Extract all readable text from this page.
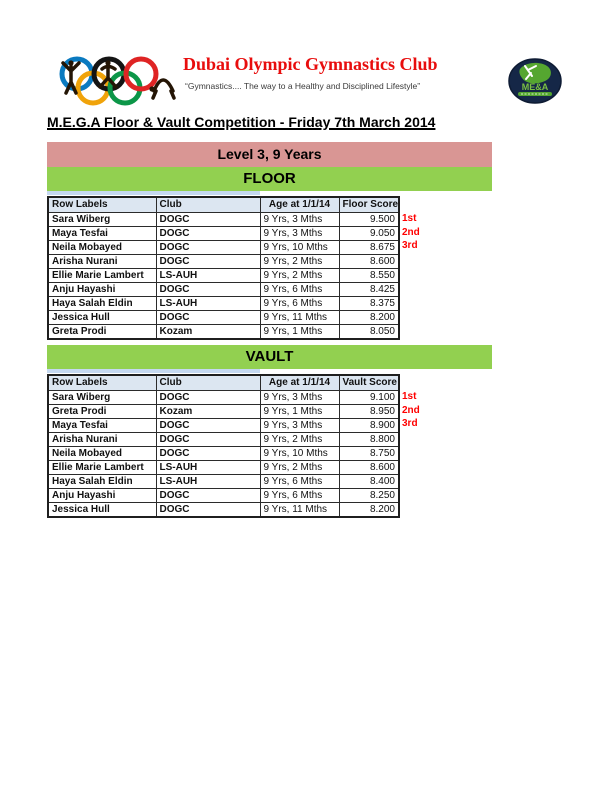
Dubai Olympic Gymnastics Club
“Gymnastics.... The way to a Healthy and Disciplined Lifestyle”	ME&A
M.E.G.A Floor & Vault Competition - Friday 7th March 2014
Level 3, 9 Years
FLOOR
Row Labels	Club	Age at 1/1/14	Floor Score
Sara Wiberg	DOGC	9 Yrs, 3 Mths	9.500
Maya Tesfai	DOGC	9 Yrs, 3 Mths	9.050
Neila Mobayed	DOGC	9 Yrs, 10 Mths	8.675
Arisha Nurani	DOGC	9 Yrs, 2 Mths	8.600
Ellie Marie Lambert	LS-AUH	9 Yrs, 2 Mths	8.550
Anju Hayashi	DOGC	9 Yrs, 6 Mths	8.425
Haya Salah Eldin	LS-AUH	9 Yrs, 6 Mths	8.375
Jessica Hull	DOGC	9 Yrs, 11 Mths	8.200
Greta Prodi	Kozam	9 Yrs, 1 Mths	8.050
1st
2nd
3rd
VAULT
Row Labels	Club	Age at 1/1/14	Vault Score
Sara Wiberg	DOGC	9 Yrs, 3 Mths	9.100
Greta Prodi	Kozam	9 Yrs, 1 Mths	8.950
Maya Tesfai	DOGC	9 Yrs, 3 Mths	8.900
Arisha Nurani	DOGC	9 Yrs, 2 Mths	8.800
Neila Mobayed	DOGC	9 Yrs, 10 Mths	8.750
Ellie Marie Lambert	LS-AUH	9 Yrs, 2 Mths	8.600
Haya Salah Eldin	LS-AUH	9 Yrs, 6 Mths	8.400
Anju Hayashi	DOGC	9 Yrs, 6 Mths	8.250
Jessica Hull	DOGC	9 Yrs, 11 Mths	8.200
1st
2nd
3rd
